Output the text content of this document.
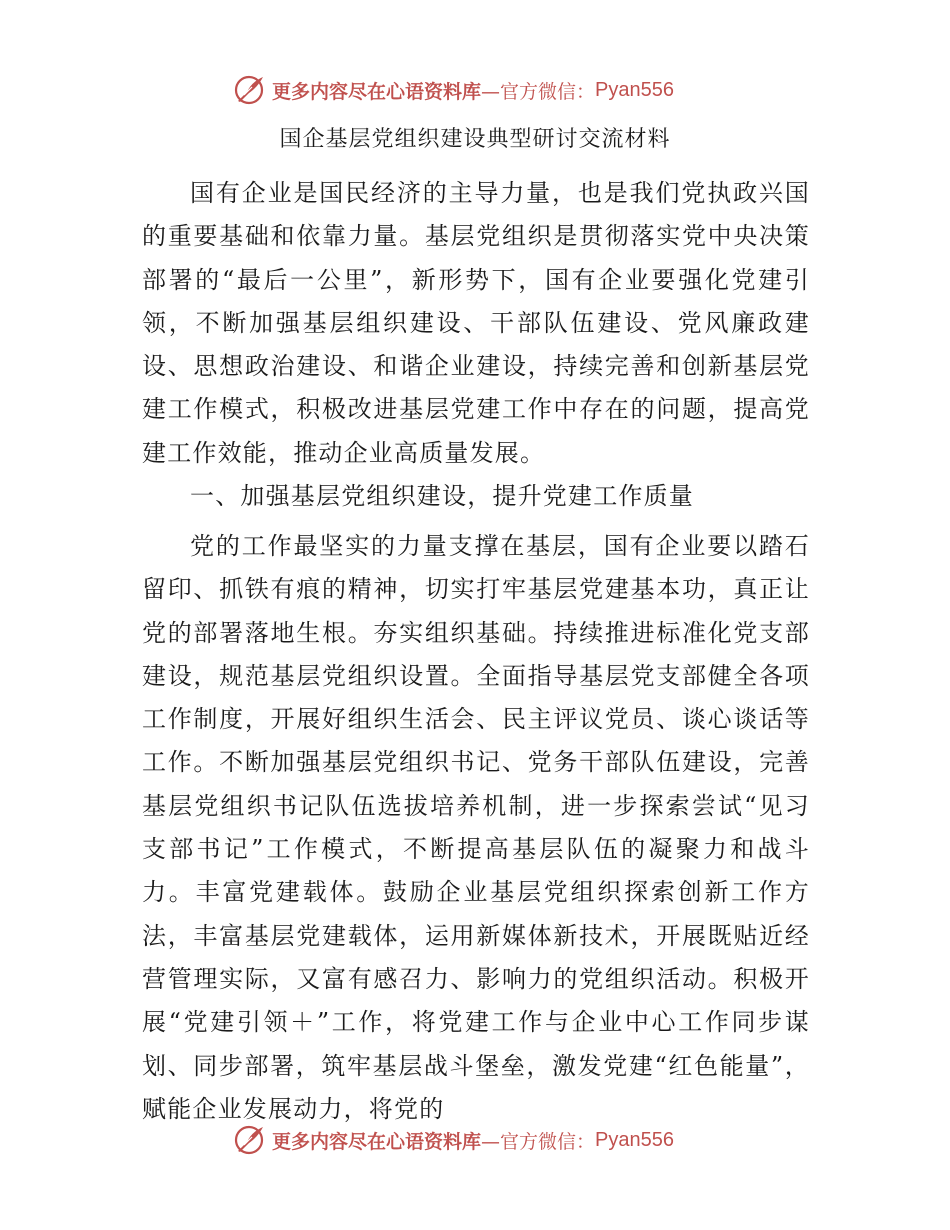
更多内容尽在心语资料库 —官方微信： Pyan556
国企基层党组织建设典型研讨交流材料

国有企业是国民经济的主导力量，也是我们党执政兴国的重要基础和依靠力量。基层党组织是贯彻落实党中央决策部署的“最后一公里”，新形势下，国有企业要强化党建引领，不断加强基层组织建设、干部队伍建设、党风廉政建设、思想政治建设、和谐企业建设，持续完善和创新基层党建工作模式，积极改进基层党建工作中存在的问题，提高党建工作效能，推动企业高质量发展。

一、加强基层党组织建设，提升党建工作质量

党的工作最坚实的力量支撑在基层，国有企业要以踏石留印、抓铁有痕的精神，切实打牢基层党建基本功，真正让党的部署落地生根。夯实组织基础。持续推进标准化党支部建设，规范基层党组织设置。全面指导基层党支部健全各项工作制度，开展好组织生活会、民主评议党员、谈心谈话等工作。不断加强基层党组织书记、党务干部队伍建设，完善基层党组织书记队伍选拔培养机制，进一步探索尝试“见习支部书记”工作模式，不断提高基层队伍的凝聚力和战斗力。丰富党建载体。鼓励企业基层党组织探索创新工作方法，丰富基层党建载体，运用新媒体新技术，开展既贴近经营管理实际，又富有感召力、影响力的党组织活动。积极开展“党建引领＋”工作，将党建工作与企业中心工作同步谋划、同步部署，筑牢基层战斗堡垒，激发党建“红色能量”，赋能企业发展动力，将党的

更多内容尽在心语资料库 —官方微信： Pyan556
